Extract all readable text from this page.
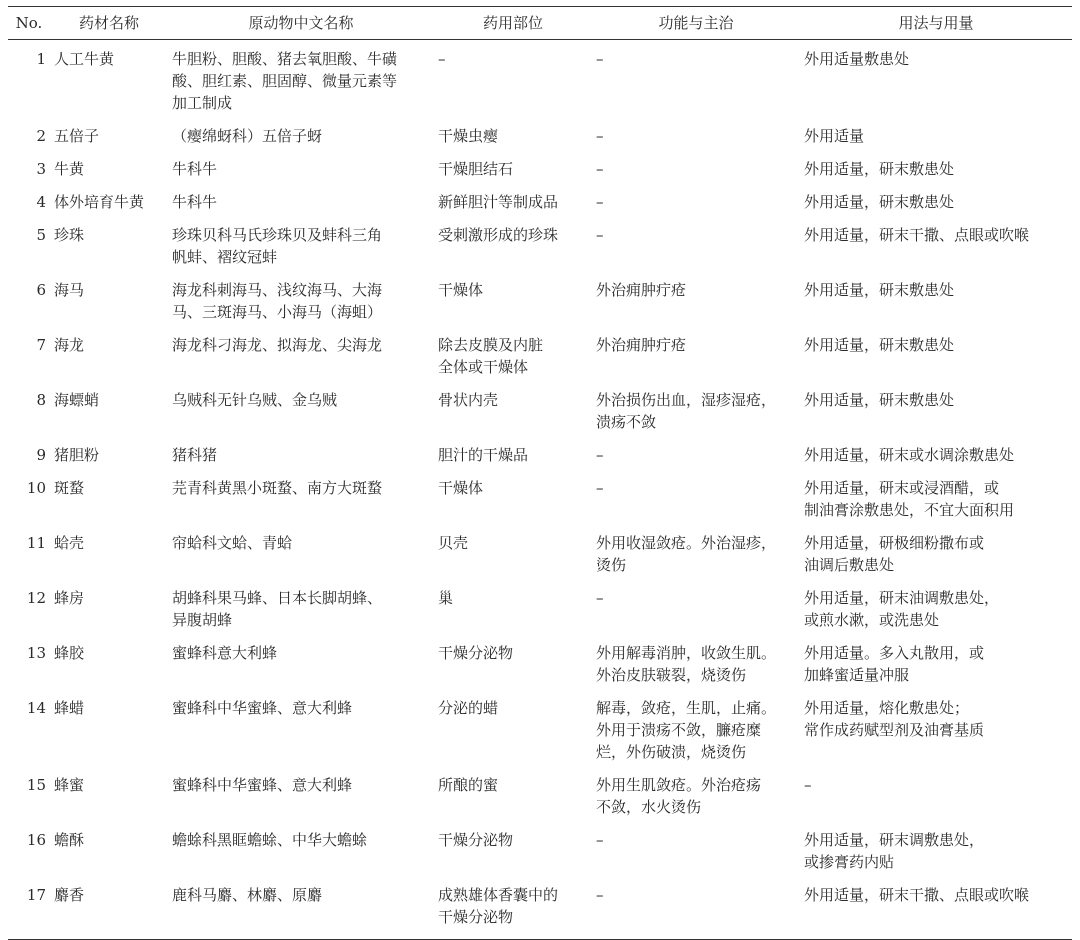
No.	药材名称	原动物中文名称	药用部位	功能与主治	用法与用量
1	人工牛黄	牛胆粉、胆酸、猪去氧胆酸、牛磺
酸、胆红素、胆固醇、微量元素等
加工制成	–	–	外用适量敷患处
2	五倍子	（瘿绵蚜科）五倍子蚜	干燥虫瘿	–	外用适量
3	牛黄	牛科牛	干燥胆结石	–	外用适量，研末敷患处
4	体外培育牛黄	牛科牛	新鲜胆汁等制成品	–	外用适量，研末敷患处
5	珍珠	珍珠贝科马氏珍珠贝及蚌科三角
帆蚌、褶纹冠蚌	受刺激形成的珍珠	–	外用适量，研末干撒、点眼或吹喉
6	海马	海龙科刺海马、浅纹海马、大海
马、三斑海马、小海马（海蛆）	干燥体	外治痈肿疔疮	外用适量，研末敷患处
7	海龙	海龙科刁海龙、拟海龙、尖海龙	除去皮膜及内脏
全体或干燥体	外治痈肿疔疮	外用适量，研末敷患处
8	海螵蛸	乌贼科无针乌贼、金乌贼	骨状内壳	外治损伤出血，湿疹湿疮，
溃疡不敛	外用适量，研末敷患处
9	猪胆粉	猪科猪	胆汁的干燥品	–	外用适量，研末或水调涂敷患处
10	斑蝥	芫青科黄黑小斑蝥、南方大斑蝥	干燥体	–	外用适量，研末或浸酒醋，或
制油膏涂敷患处，不宜大面积用
11	蛤壳	帘蛤科文蛤、青蛤	贝壳	外用收湿敛疮。外治湿疹，
烫伤	外用适量，研极细粉撒布或
油调后敷患处
12	蜂房	胡蜂科果马蜂、日本长脚胡蜂、
异腹胡蜂	巢	–	外用适量，研末油调敷患处，
或煎水漱，或洗患处
13	蜂胶	蜜蜂科意大利蜂	干燥分泌物	外用解毒消肿，收敛生肌。
外治皮肤皲裂，烧烫伤	外用适量。多入丸散用，或
加蜂蜜适量冲服
14	蜂蜡	蜜蜂科中华蜜蜂、意大利蜂	分泌的蜡	解毒，敛疮，生肌，止痛。
外用于溃疡不敛，臁疮糜
烂，外伤破溃，烧烫伤	外用适量，熔化敷患处；
常作成药赋型剂及油膏基质
15	蜂蜜	蜜蜂科中华蜜蜂、意大利蜂	所酿的蜜	外用生肌敛疮。外治疮疡
不敛，水火烫伤	–
16	蟾酥	蟾蜍科黑眶蟾蜍、中华大蟾蜍	干燥分泌物	–	外用适量，研末调敷患处，
或掺膏药内贴
17	麝香	鹿科马麝、林麝、原麝	成熟雄体香囊中的
干燥分泌物	–	外用适量，研末干撒、点眼或吹喉
